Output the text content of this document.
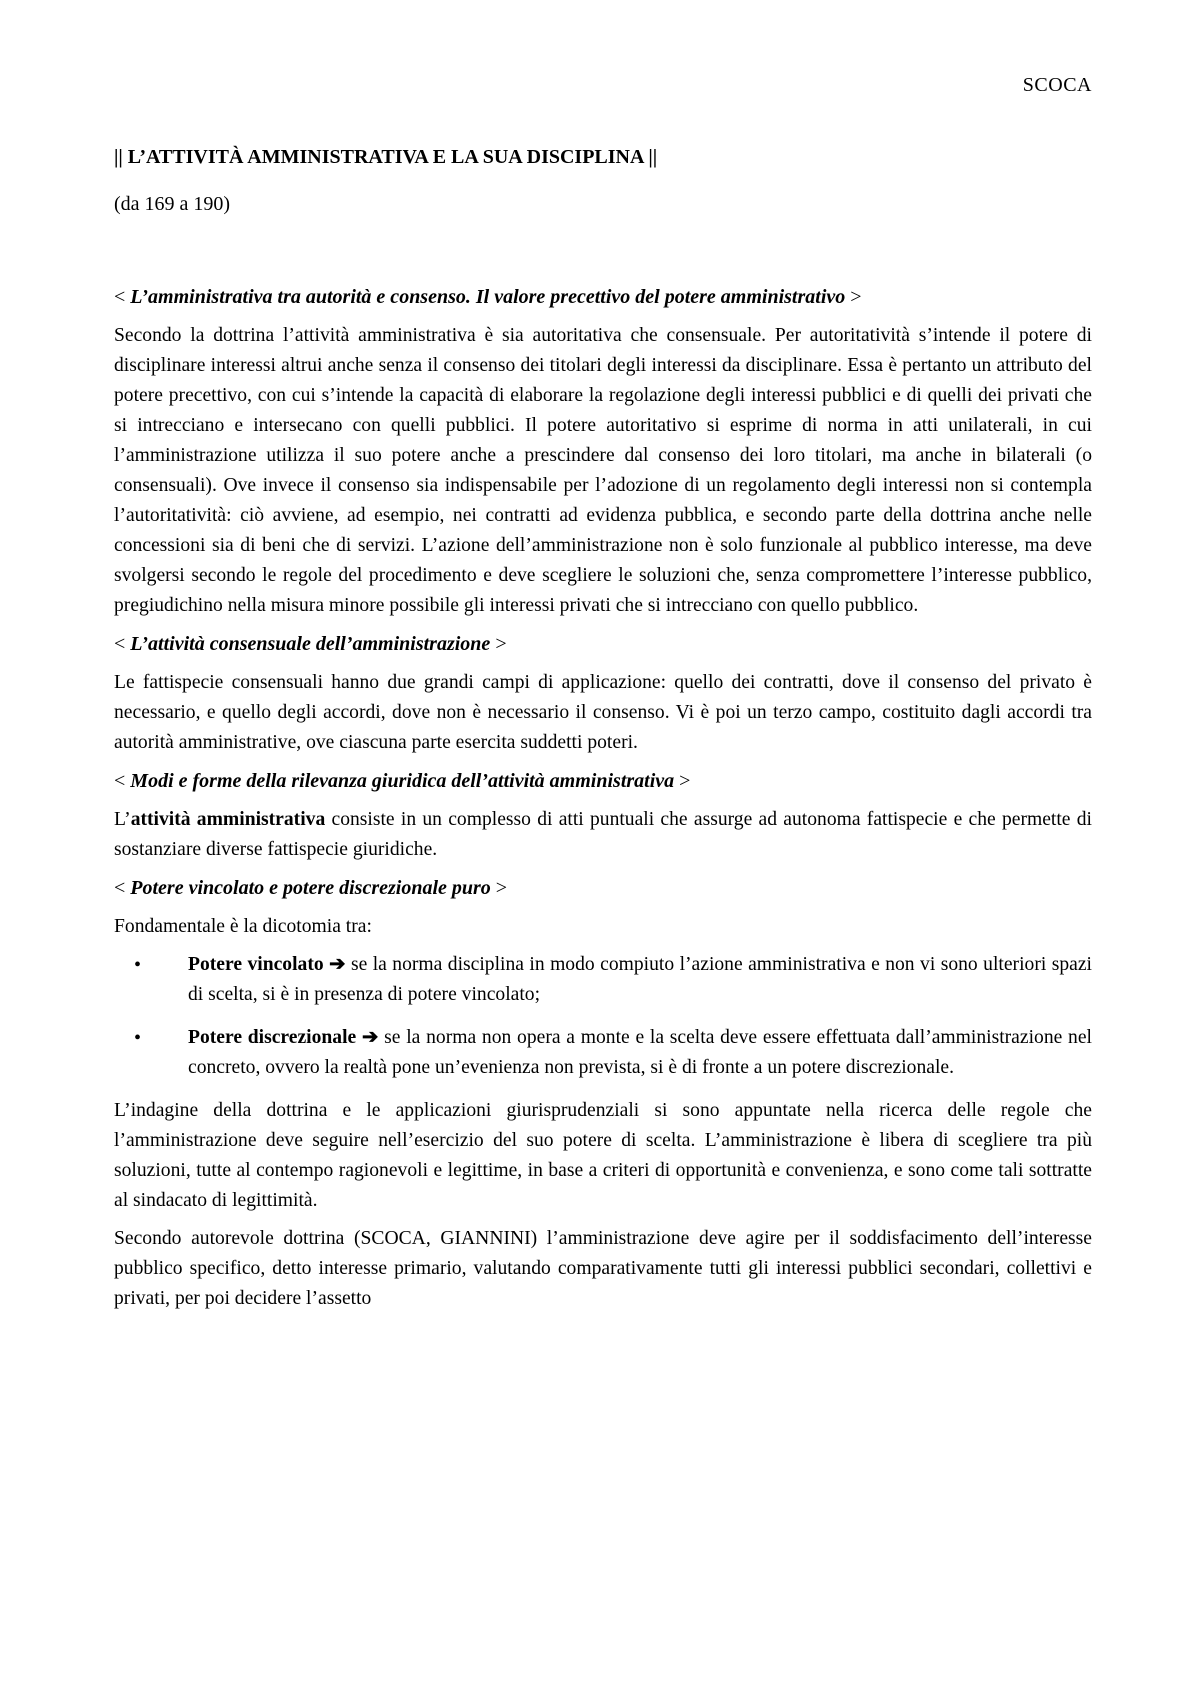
SCOCA
|| L’ATTIVITÀ AMMINISTRATIVA E LA SUA DISCIPLINA ||
(da 169 a 190)
< L’amministrativa tra autorità e consenso. Il valore precettivo del potere amministrativo >

Secondo la dottrina l’attività amministrativa è sia autoritativa che consensuale. Per autoritatività s’intende il potere di disciplinare interessi altrui anche senza il consenso dei titolari degli interessi da disciplinare. Essa è pertanto un attributo del potere precettivo, con cui s’intende la capacità di elaborare la regolazione degli interessi pubblici e di quelli dei privati che si intrecciano e intersecano con quelli pubblici. Il potere autoritativo si esprime di norma in atti unilaterali, in cui l’amministrazione utilizza il suo potere anche a prescindere dal consenso dei loro titolari, ma anche in bilaterali (o consensuali). Ove invece il consenso sia indispensabile per l’adozione di un regolamento degli interessi non si contempla l’autoritatività: ciò avviene, ad esempio, nei contratti ad evidenza pubblica, e secondo parte della dottrina anche nelle concessioni sia di beni che di servizi. L’azione dell’amministrazione non è solo funzionale al pubblico interesse, ma deve svolgersi secondo le regole del procedimento e deve scegliere le soluzioni che, senza compromettere l’interesse pubblico, pregiudichino nella misura minore possibile gli interessi privati che si intrecciano con quello pubblico.

< L’attività consensuale dell’amministrazione >

Le fattispecie consensuali hanno due grandi campi di applicazione: quello dei contratti, dove il consenso del privato è necessario, e quello degli accordi, dove non è necessario il consenso. Vi è poi un terzo campo, costituito dagli accordi tra autorità amministrative, ove ciascuna parte esercita suddetti poteri.

< Modi e forme della rilevanza giuridica dell’attività amministrativa >

L’attività amministrativa consiste in un complesso di atti puntuali che assurge ad autonoma fattispecie e che permette di sostanziare diverse fattispecie giuridiche.

< Potere vincolato e potere discrezionale puro >

Fondamentale è la dicotomia tra:

• Potere vincolato ➔ se la norma disciplina in modo compiuto l’azione amministrativa e non vi sono ulteriori spazi di scelta, si è in presenza di potere vincolato;
• Potere discrezionale ➔ se la norma non opera a monte e la scelta deve essere effettuata dall’amministrazione nel concreto, ovvero la realtà pone un’evenienza non prevista, si è di fronte a un potere discrezionale.

L’indagine della dottrina e le applicazioni giurisprudenziali si sono appuntate nella ricerca delle regole che l’amministrazione deve seguire nell’esercizio del suo potere di scelta. L’amministrazione è libera di scegliere tra più soluzioni, tutte al contempo ragionevoli e legittime, in base a criteri di opportunità e convenienza, e sono come tali sottratte al sindacato di legittimità.

Secondo autorevole dottrina (SCOCA, GIANNINI) l’amministrazione deve agire per il soddisfacimento dell’interesse pubblico specifico, detto interesse primario, valutando comparativamente tutti gli interessi pubblici secondari, collettivi e privati, per poi decidere l’assetto
